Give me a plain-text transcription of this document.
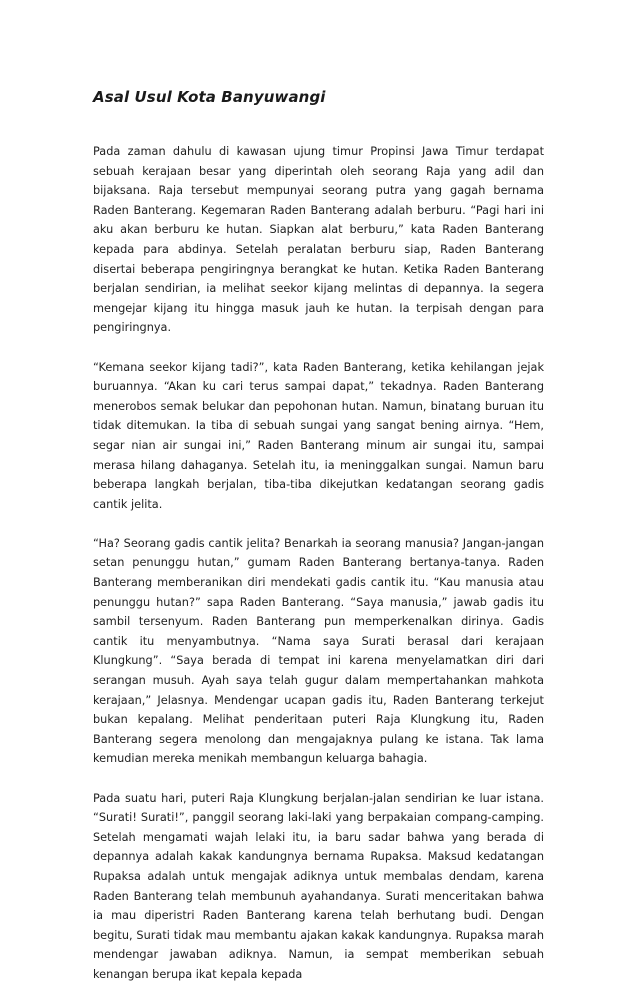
Asal Usul Kota Banyuwangi

Pada zaman dahulu di kawasan ujung timur Propinsi Jawa Timur terdapat sebuah kerajaan besar yang diperintah oleh seorang Raja yang adil dan bijaksana. Raja tersebut mempunyai seorang putra yang gagah bernama Raden Banterang. Kegemaran Raden Banterang adalah berburu. “Pagi hari ini aku akan berburu ke hutan. Siapkan alat berburu,” kata Raden Banterang kepada para abdinya. Setelah peralatan berburu siap, Raden Banterang disertai beberapa pengiringnya berangkat ke hutan. Ketika Raden Banterang berjalan sendirian, ia melihat seekor kijang melintas di depannya. Ia segera mengejar kijang itu hingga masuk jauh ke hutan. Ia terpisah dengan para pengiringnya.

“Kemana seekor kijang tadi?”, kata Raden Banterang, ketika kehilangan jejak buruannya. “Akan ku cari terus sampai dapat,” tekadnya. Raden Banterang menerobos semak belukar dan pepohonan hutan. Namun, binatang buruan itu tidak ditemukan. Ia tiba di sebuah sungai yang sangat bening airnya. “Hem, segar nian air sungai ini,” Raden Banterang minum air sungai itu, sampai merasa hilang dahaganya. Setelah itu, ia meninggalkan sungai. Namun baru beberapa langkah berjalan, tiba-tiba dikejutkan kedatangan seorang gadis cantik jelita.

“Ha? Seorang gadis cantik jelita? Benarkah ia seorang manusia? Jangan-jangan setan penunggu hutan,” gumam Raden Banterang bertanya-tanya. Raden Banterang memberanikan diri mendekati gadis cantik itu. “Kau manusia atau penunggu hutan?” sapa Raden Banterang. “Saya manusia,” jawab gadis itu sambil tersenyum. Raden Banterang pun memperkenalkan dirinya. Gadis cantik itu menyambutnya. “Nama saya Surati berasal dari kerajaan Klungkung”. “Saya berada di tempat ini karena menyelamatkan diri dari serangan musuh. Ayah saya telah gugur dalam mempertahankan mahkota kerajaan,” Jelasnya. Mendengar ucapan gadis itu, Raden Banterang terkejut bukan kepalang. Melihat penderitaan puteri Raja Klungkung itu, Raden Banterang segera menolong dan mengajaknya pulang ke istana. Tak lama kemudian mereka menikah membangun keluarga bahagia.

Pada suatu hari, puteri Raja Klungkung berjalan-jalan sendirian ke luar istana. “Surati! Surati!”, panggil seorang laki-laki yang berpakaian compang-camping. Setelah mengamati wajah lelaki itu, ia baru sadar bahwa yang berada di depannya adalah kakak kandungnya bernama Rupaksa. Maksud kedatangan Rupaksa adalah untuk mengajak adiknya untuk membalas dendam, karena Raden Banterang telah membunuh ayahandanya. Surati menceritakan bahwa ia mau diperistri Raden Banterang karena telah berhutang budi. Dengan begitu, Surati tidak mau membantu ajakan kakak kandungnya. Rupaksa marah mendengar jawaban adiknya. Namun, ia sempat memberikan sebuah kenangan berupa ikat kepala kepada
